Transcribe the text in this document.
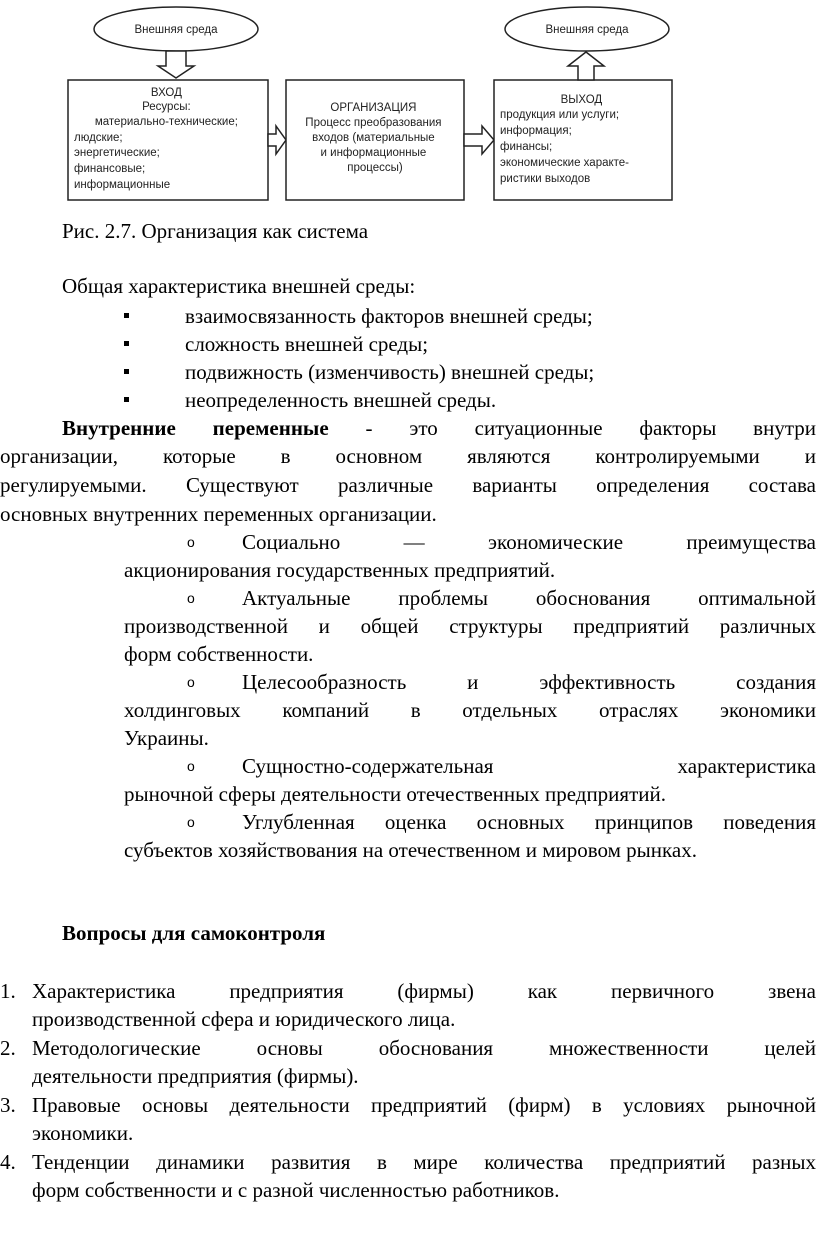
Внешняя среда
ВХОД Ресурсы: материально-технические; людские; энергетические; финансовые; информационные
ОРГАНИЗАЦИЯ Процесс преобразования входов (материальные и информационные процессы)
ВЫХОД продукция или услуги; информация; финансы; экономические характе- ристики выходов
Внешняя среда

Рис. 2.7. Организация как система

Общая характеристика внешней среды:

взаимосвязанность факторов внешней среды;
сложность внешней среды;
подвижность (изменчивость) внешней среды;
неопределенность внешней среды.
Внутренние переменные - это ситуационные факторы внутри
организации, которые в основном являются контролируемыми и
регулируемыми. Существуют различные варианты определения состава
основных внутренних переменных организации.
o	Социально — экономические преимущества
акционирования государственных предприятий.
o	Актуальные проблемы обоснования оптимальной
производственной и общей структуры предприятий различных
форм собственности.
o	Целесообразность и эффективность создания
холдинговых компаний в отдельных отраслях экономики
Украины.
o	Сущностно-содержательная характеристика
рыночной сферы деятельности отечественных предприятий.
o	Углубленная оценка основных принципов поведения
субъектов хозяйствования на отечественном и мировом рынках.

Вопросы для самоконтроля

1. Характеристика предприятия (фирмы) как первичного звена
производственной сфера и юридического лица.
2. Методологические основы обоснования множественности целей
деятельности предприятия (фирмы).
3. Правовые основы деятельности предприятий (фирм) в условиях рыночной
экономики.
4. Тенденции динамики развития в мире количества предприятий разных
форм собственности и с разной численностью работников.
